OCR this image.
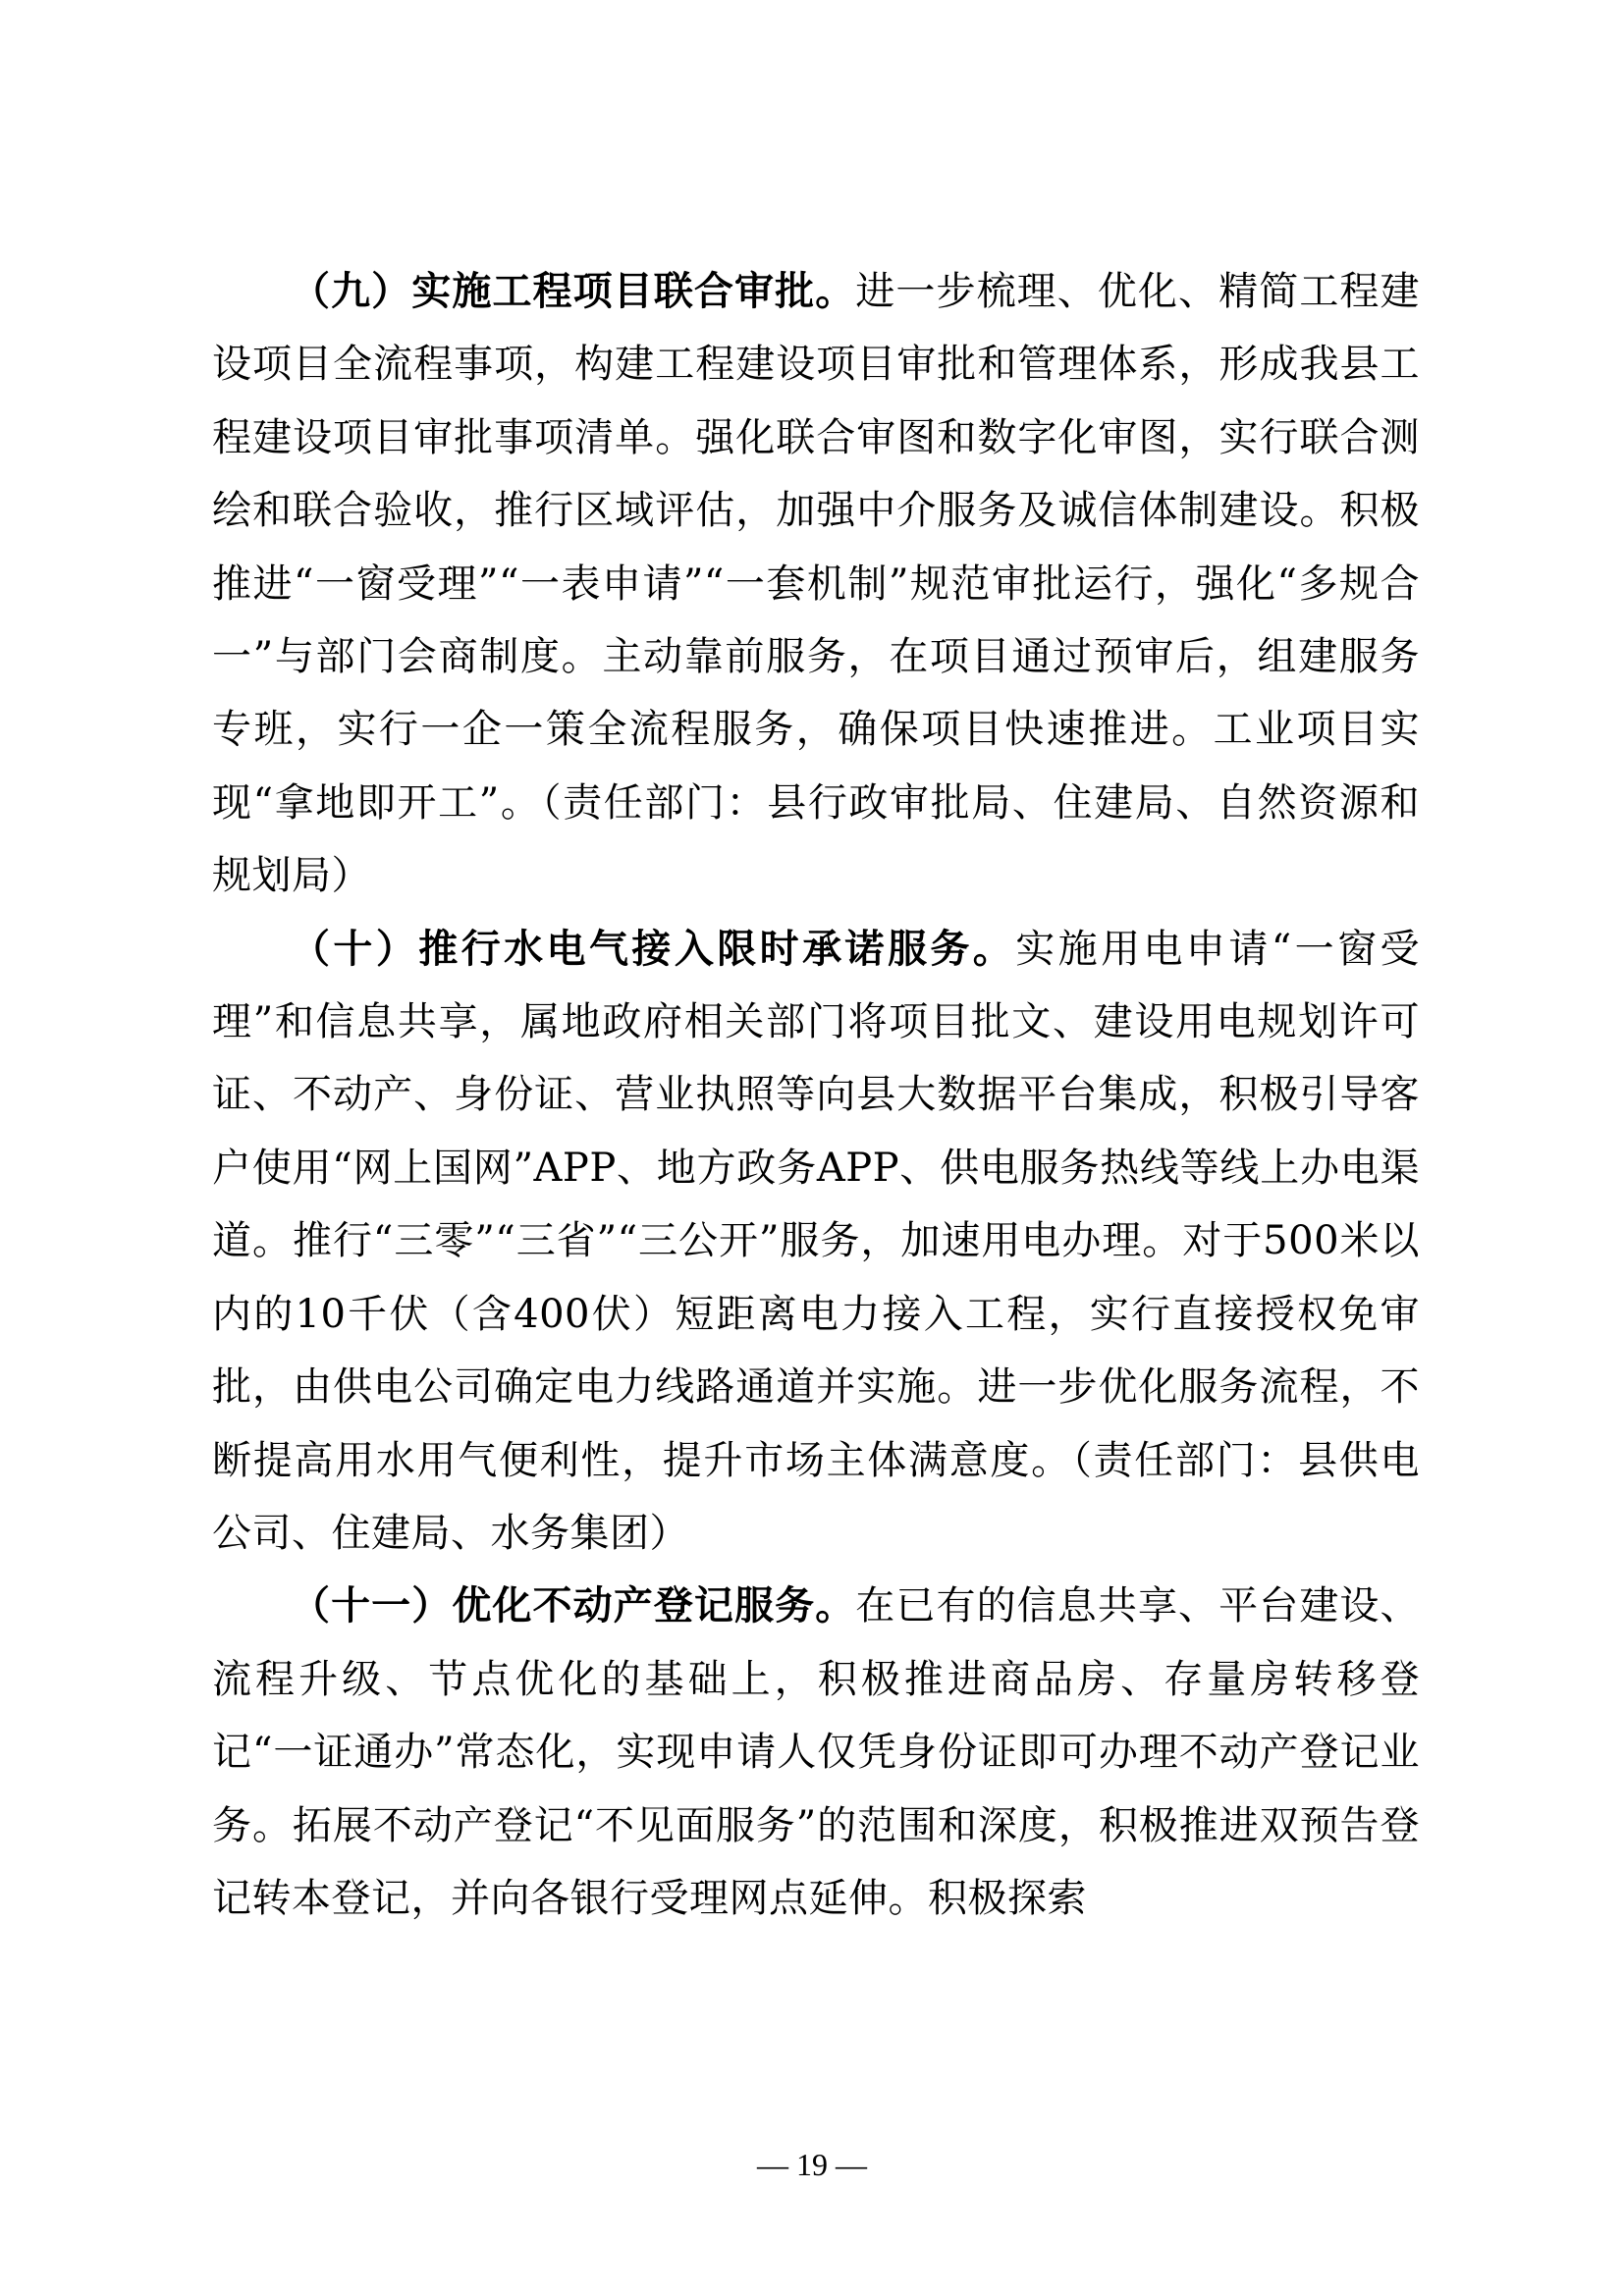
（九）实施工程项目联合审批。进一步梳理、优化、精简工程建设项目全流程事项，构建工程建设项目审批和管理体系，形成我县工程建设项目审批事项清单。强化联合审图和数字化审图，实行联合测绘和联合验收，推行区域评估，加强中介服务及诚信体制建设。积极推进“一窗受理”“一表申请”“一套机制”规范审批运行，强化“多规合一”与部门会商制度。主动靠前服务，在项目通过预审后，组建服务专班，实行一企一策全流程服务，确保项目快速推进。工业项目实现“拿地即开工”。（责任部门：县行政审批局、住建局、自然资源和规划局）

（十）推行水电气接入限时承诺服务。实施用电申请“一窗受理”和信息共享，属地政府相关部门将项目批文、建设用电规划许可证、不动产、身份证、营业执照等向县大数据平台集成，积极引导客户使用“网上国网”APP、地方政务APP、供电服务热线等线上办电渠道。推行“三零”“三省”“三公开”服务，加速用电办理。对于500米以内的10千伏（含400伏）短距离电力接入工程，实行直接授权免审批，由供电公司确定电力线路通道并实施。进一步优化服务流程，不断提高用水用气便利性，提升市场主体满意度。（责任部门：县供电公司、住建局、水务集团）

（十一）优化不动产登记服务。在已有的信息共享、平台建设、流程升级、节点优化的基础上，积极推进商品房、存量房转移登记“一证通办”常态化，实现申请人仅凭身份证即可办理不动产登记业务。拓展不动产登记“不见面服务”的范围和深度，积极推进双预告登记转本登记，并向各银行受理网点延伸。积极探索

— 19 —
